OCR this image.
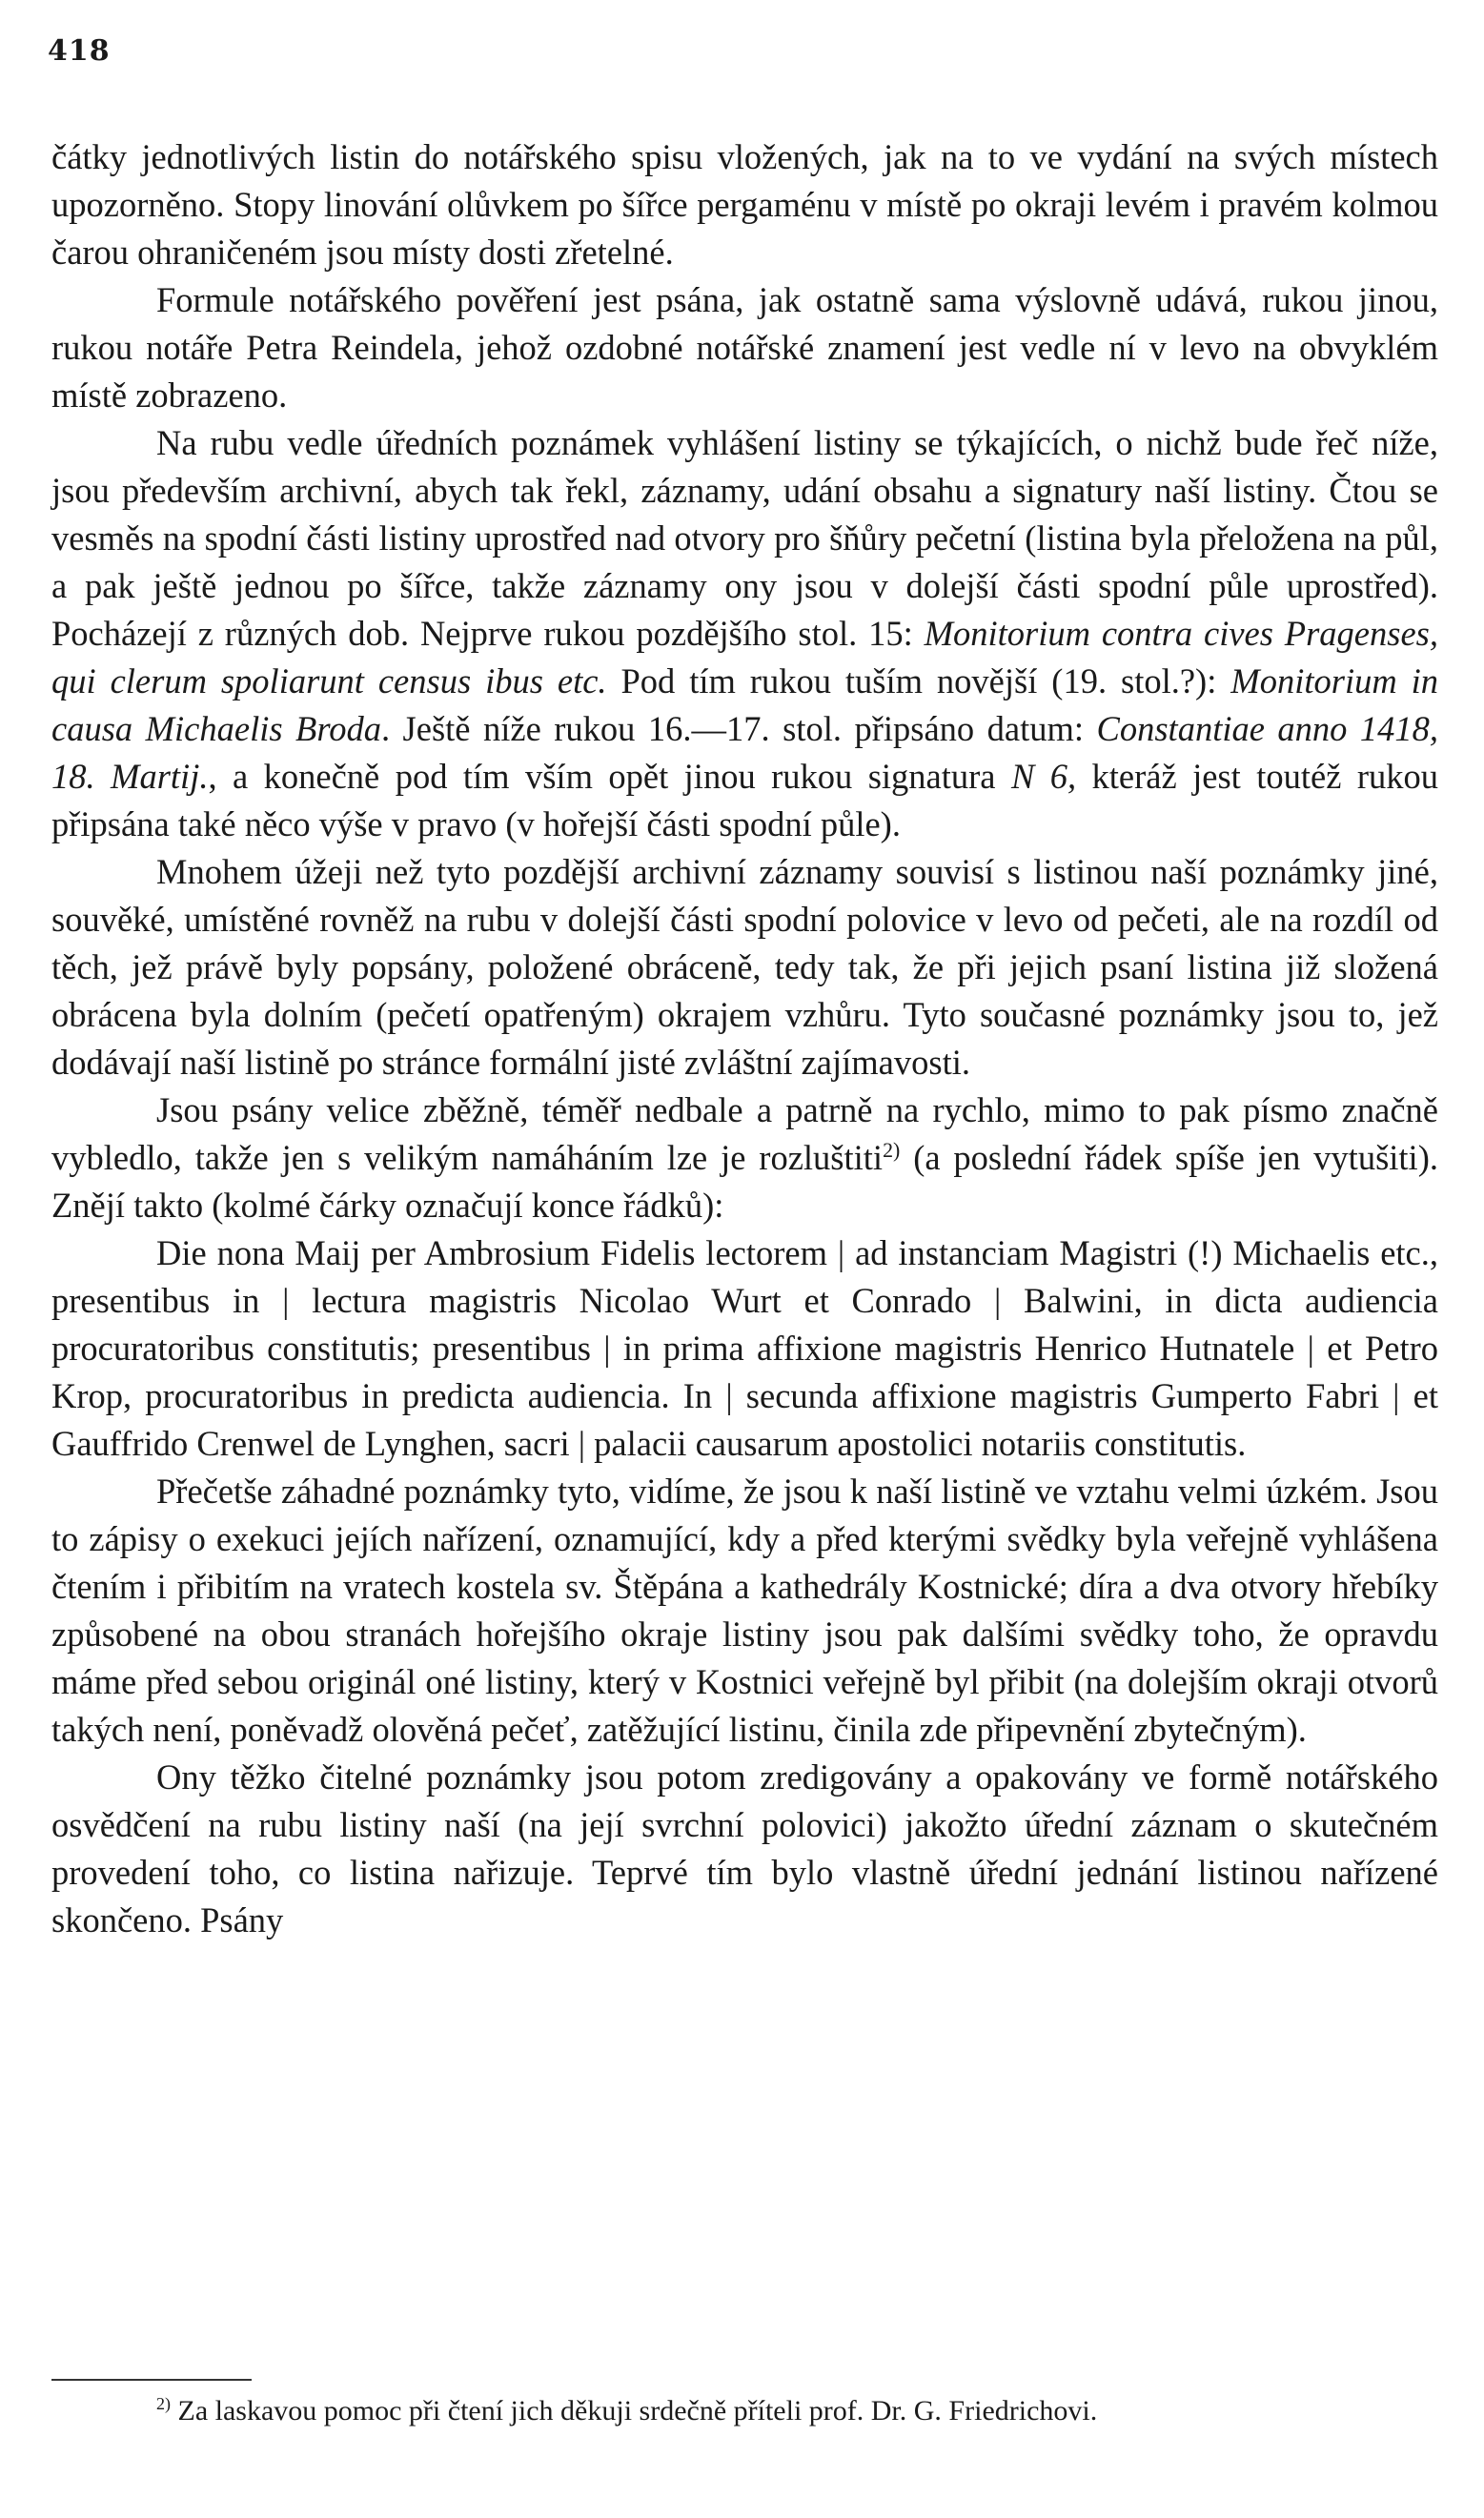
418

čátky jednotlivých listin do notářského spisu vložených, jak na to ve vydání na svých místech upozorněno. Stopy linování olůvkem po šířce pergaménu v místě po okraji levém i pravém kolmou čarou ohraničeném jsou místy dosti zřetelné.

Formule notářského pověření jest psána, jak ostatně sama výslovně udává, rukou jinou, rukou notáře Petra Reindela, jehož ozdobné notářské znamení jest vedle ní v levo na obvyklém místě zobrazeno.

Na rubu vedle úředních poznámek vyhlášení listiny se týkajících, o nichž bude řeč níže, jsou především archivní, abych tak řekl, záznamy, udání obsahu a signatury naší listiny. Čtou se vesměs na spodní části listiny uprostřed nad otvory pro šňůry pečetní (listina byla přeložena na půl, a pak ještě jednou po šířce, takže záznamy ony jsou v dolejší části spodní půle uprostřed). Pocházejí z různých dob. Nejprve rukou pozdějšího stol. 15: Monitorium contra cives Pragenses, qui clerum spoliarunt census ibus etc. Pod tím rukou tuším novější (19. stol.?): Monitorium in causa Michaelis Broda. Ještě níže rukou 16.—17. stol. připsáno datum: Constantiae anno 1418, 18. Martij., a konečně pod tím vším opět jinou rukou signatura N 6, kteráž jest toutéž rukou připsána také něco výše v pravo (v hořejší části spodní půle).

Mnohem úžeji než tyto pozdější archivní záznamy souvisí s listinou naší poznámky jiné, souvěké, umístěné rovněž na rubu v dolejší části spodní polovice v levo od pečeti, ale na rozdíl od těch, jež právě byly popsány, položené obráceně, tedy tak, že při jejich psaní listina již složená obrácena byla dolním (pečetí opatřeným) okrajem vzhůru. Tyto současné poznámky jsou to, jež dodávají naší listině po stránce formální jisté zvláštní zajímavosti.

Jsou psány velice zběžně, téměř nedbale a patrně na rychlo, mimo to pak písmo značně vybledlo, takže jen s velikým namáháním lze je rozluštiti$^{2)}$ (a poslední řádek spíše jen vytušiti). Znějí takto (kolmé čárky označují konce řádků):

Die nona Maij per Ambrosium Fidelis lectorem | ad instanciam Magistri (!) Michaelis etc., presentibus in | lectura magistris Nicolao Wurt et Conrado | Balwini, in dicta audiencia procuratoribus constitutis; presentibus | in prima affixione magistris Henrico Hutnatele | et Petro Krop, procuratoribus in predicta audiencia. In | secunda affixione magistris Gumperto Fabri | et Gauffrido Crenwel de Lynghen, sacri | palacii causarum apostolici notariis constitutis.

Přečetše záhadné poznámky tyto, vidíme, že jsou k naší listině ve vztahu velmi úzkém. Jsou to zápisy o exekuci jejích nařízení, oznamující, kdy a před kterými svědky byla veřejně vyhlášena čtením i přibitím na vratech kostela sv. Štěpána a kathedrály Kostnické; díra a dva otvory hřebíky způsobené na obou stranách hořejšího okraje listiny jsou pak dalšími svědky toho, že opravdu máme před sebou originál oné listiny, který v Kostnici veřejně byl přibit (na dolejším okraji otvorů takých není, poněvadž olověná pečeť, zatěžující listinu, činila zde připevnění zbytečným).

Ony těžko čitelné poznámky jsou potom zredigovány a opakovány ve formě notářského osvědčení na rubu listiny naší (na její svrchní polovici) jakožto úřední záznam o skutečném provedení toho, co listina nařizuje. Teprvé tím bylo vlastně úřední jednání listinou nařízené skončeno. Psány

$^{2)}$ Za laskavou pomoc při čtení jich děkuji srdečně příteli prof. Dr. G. Friedrichovi.
